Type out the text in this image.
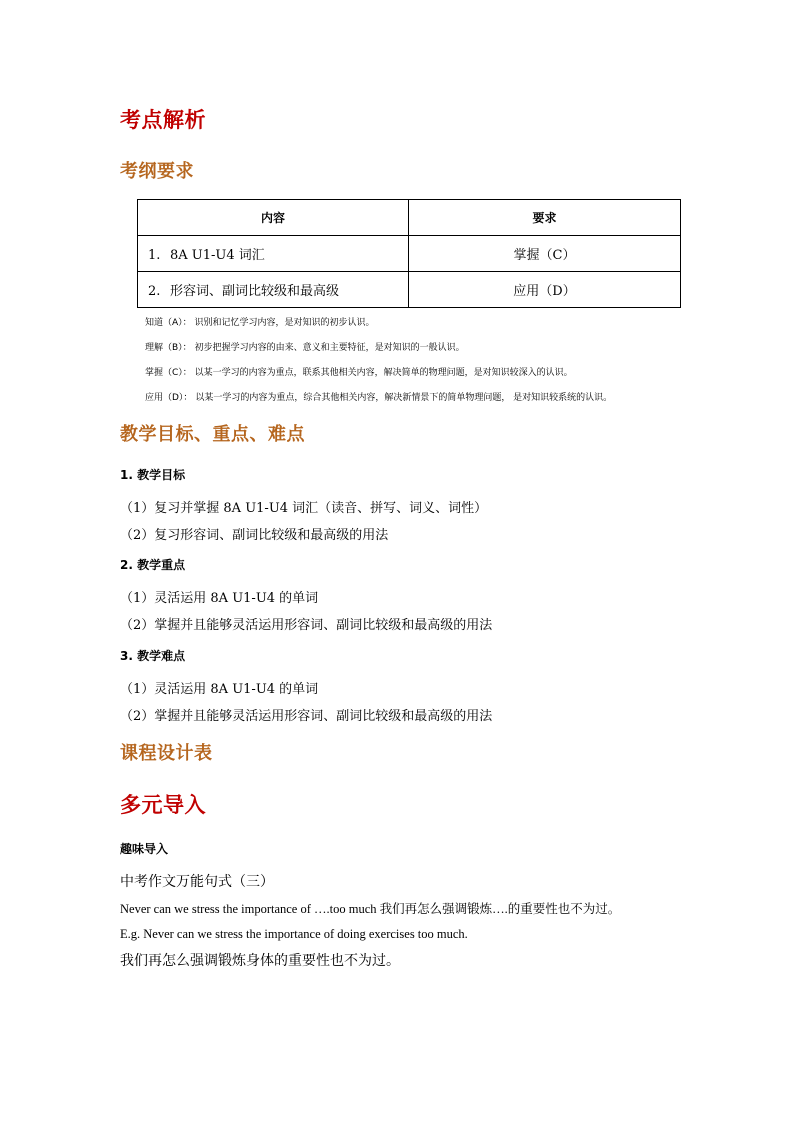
考点解析
考纲要求
内容	要求
1. 8A U1-U4 词汇	掌握（C）
2. 形容词、副词比较级和最高级	应用（D）
知道（A）： 识别和记忆学习内容，是对知识的初步认识。
理解（B）： 初步把握学习内容的由来、意义和主要特征，是对知识的一般认识。
掌握（C）： 以某一学习的内容为重点，联系其他相关内容，解决简单的物理问题，是对知识较深入的认识。
应用（D）： 以某一学习的内容为重点，综合其他相关内容，解决新情景下的简单物理问题， 是对知识较系统的认识。
教学目标、重点、难点
1. 教学目标
（1）复习并掌握 8A U1-U4 词汇（读音、拼写、词义、词性）
（2）复习形容词、副词比较级和最高级的用法
2. 教学重点
（1）灵活运用 8A U1-U4 的单词
（2）掌握并且能够灵活运用形容词、副词比较级和最高级的用法
3. 教学难点
（1）灵活运用 8A U1-U4 的单词
（2）掌握并且能够灵活运用形容词、副词比较级和最高级的用法
课程设计表
多元导入
趣味导入
中考作文万能句式（三）
Never can we stress the importance of ….too much 我们再怎么强调锻炼….的重要性也不为过。
E.g. Never can we stress the importance of doing exercises too much.
我们再怎么强调锻炼身体的重要性也不为过。
